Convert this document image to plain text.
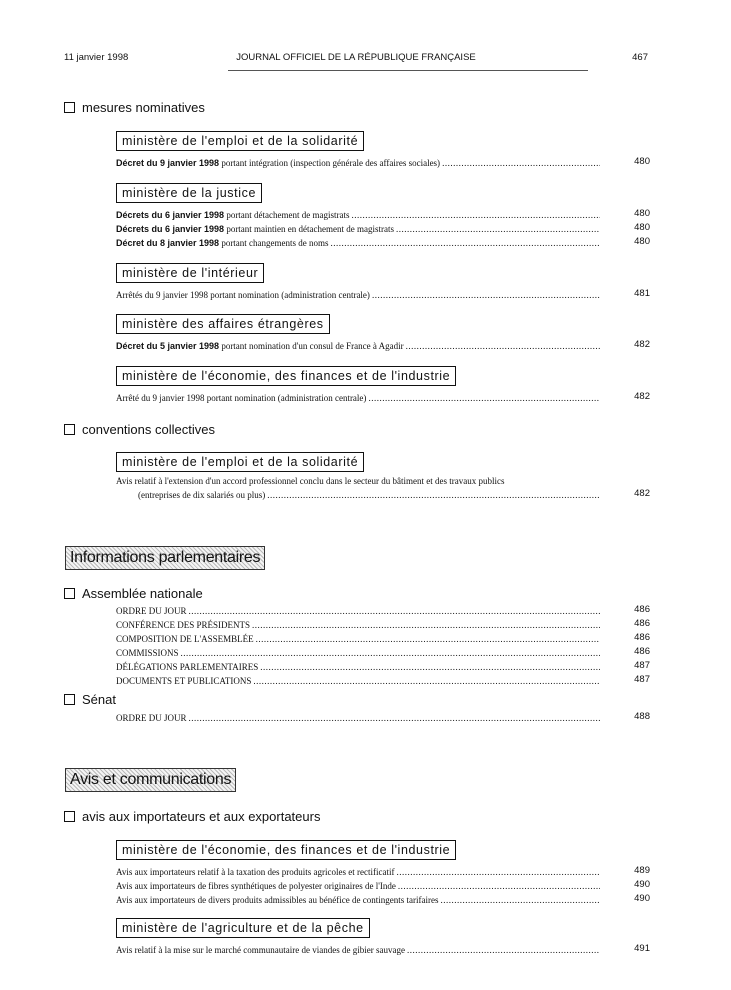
11 janvier 1998	JOURNAL OFFICIEL DE LA RÉPUBLIQUE FRANÇAISE	467
mesures nominatives
ministère de l'emploi et de la solidarité
Décret du 9 janvier 1998 portant intégration (inspection générale des affaires sociales) .....	480
ministère de la justice
Décrets du 6 janvier 1998 portant détachement de magistrats .....	480
Décrets du 6 janvier 1998 portant maintien en détachement de magistrats .....	480
Décret du 8 janvier 1998 portant changements de noms .....	480
ministère de l'intérieur
Arrêtés du 9 janvier 1998 portant nomination (administration centrale) .....	481
ministère des affaires étrangères
Décret du 5 janvier 1998 portant nomination d'un consul de France à Agadir .....	482
ministère de l'économie, des finances et de l'industrie
Arrêté du 9 janvier 1998 portant nomination (administration centrale) .....	482
conventions collectives
ministère de l'emploi et de la solidarité
Avis relatif à l'extension d'un accord professionnel conclu dans le secteur du bâtiment et des travaux publics
(entreprises de dix salariés ou plus) .....	482
Informations parlementaires
Assemblée nationale
ORDRE DU JOUR .....	486
CONFÉRENCE DES PRÉSIDENTS .....	486
COMPOSITION DE L'ASSEMBLÉE .....	486
COMMISSIONS .....	486
DÉLÉGATIONS PARLEMENTAIRES .....	487
DOCUMENTS ET PUBLICATIONS .....	487
Sénat
ORDRE DU JOUR .....	488
Avis et communications
avis aux importateurs et aux exportateurs
ministère de l'économie, des finances et de l'industrie
Avis aux importateurs relatif à la taxation des produits agricoles et rectificatif .....	489
Avis aux importateurs de fibres synthétiques de polyester originaires de l'Inde .....	490
Avis aux importateurs de divers produits admissibles au bénéfice de contingents tarifaires .....	490
ministère de l'agriculture et de la pêche
Avis relatif à la mise sur le marché communautaire de viandes de gibier sauvage .....	491
